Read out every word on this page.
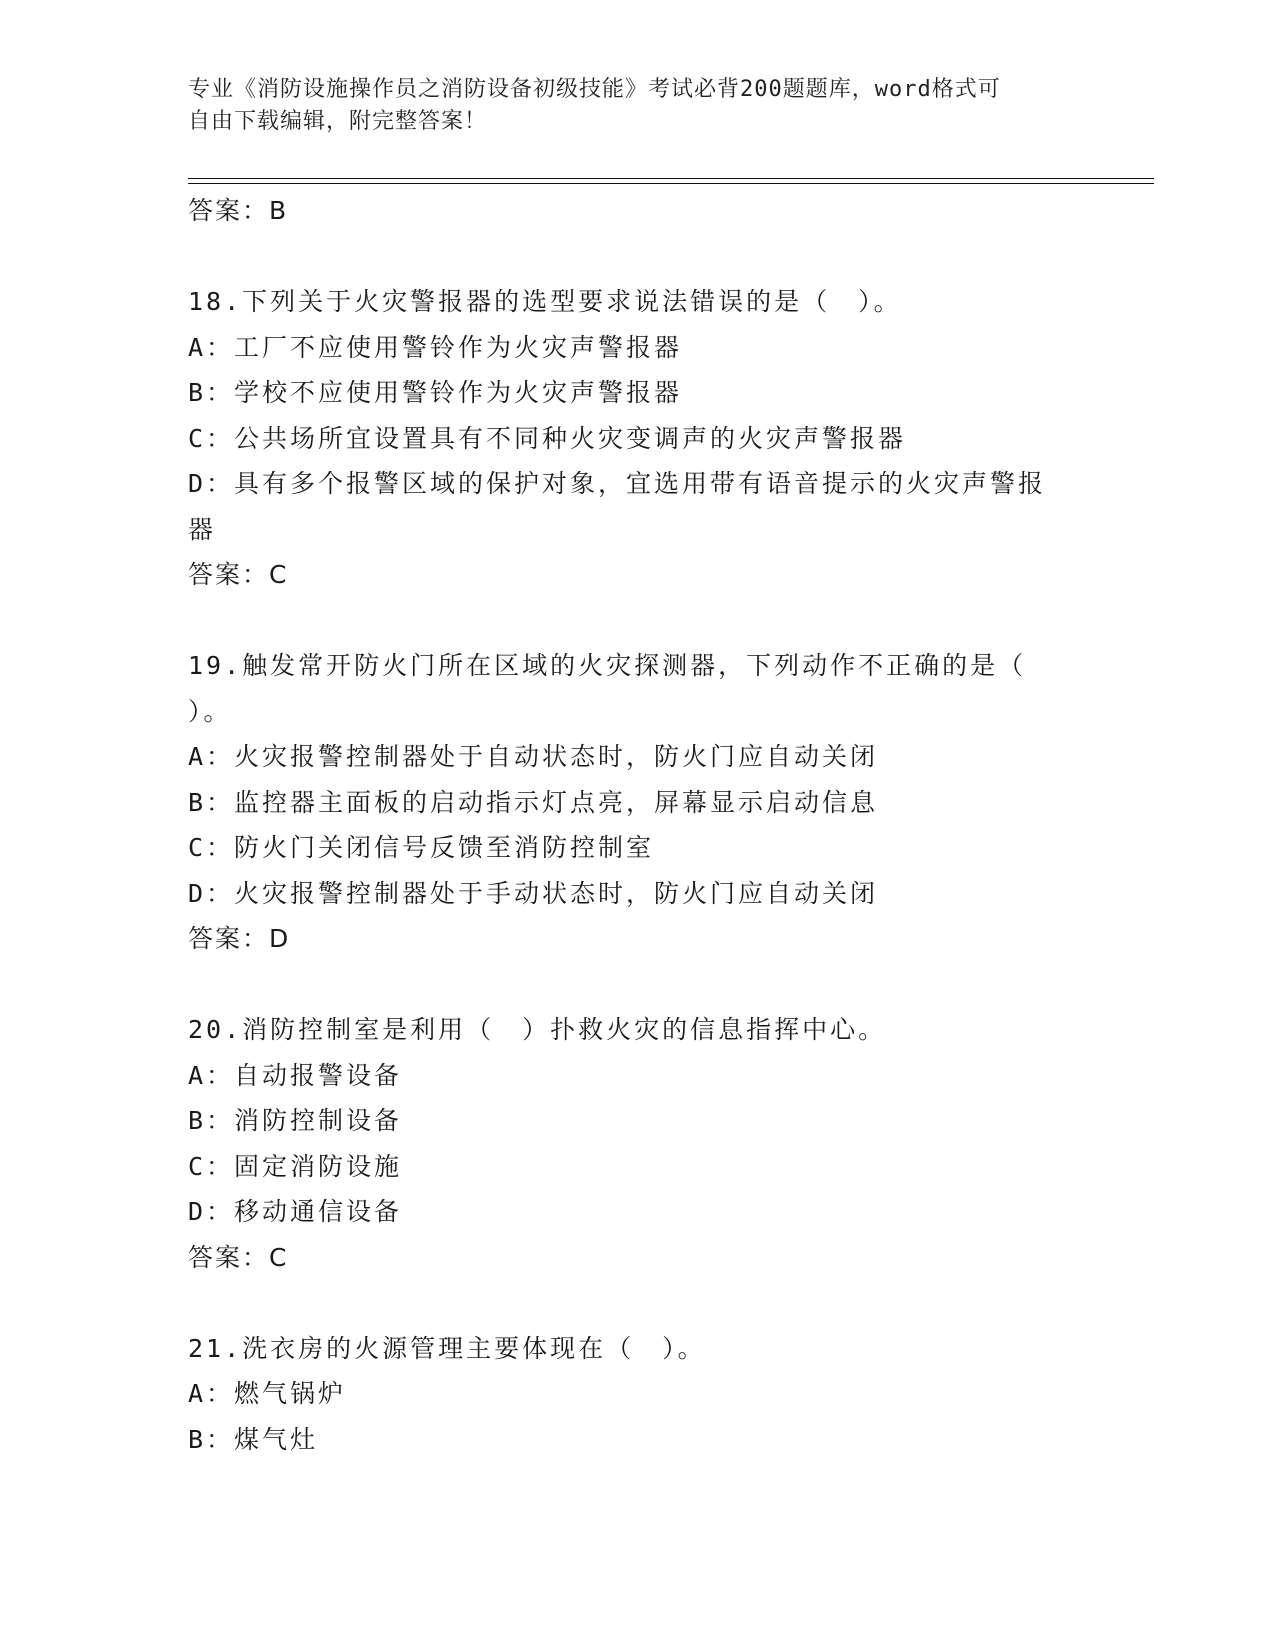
专业《消防设施操作员之消防设备初级技能》考试必背200题题库，word格式可
自由下载编辑，附完整答案！
答案：B
18.下列关于火灾警报器的选型要求说法错误的是（　）。
A：工厂不应使用警铃作为火灾声警报器
B：学校不应使用警铃作为火灾声警报器
C：公共场所宜设置具有不同种火灾变调声的火灾声警报器
D：具有多个报警区域的保护对象，宜选用带有语音提示的火灾声警报
器
答案：C
19.触发常开防火门所在区域的火灾探测器，下列动作不正确的是（
）。
A：火灾报警控制器处于自动状态时，防火门应自动关闭
B：监控器主面板的启动指示灯点亮，屏幕显示启动信息
C：防火门关闭信号反馈至消防控制室
D：火灾报警控制器处于手动状态时，防火门应自动关闭
答案：D
20.消防控制室是利用（　）扑救火灾的信息指挥中心。
A：自动报警设备
B：消防控制设备
C：固定消防设施
D：移动通信设备
答案：C
21.洗衣房的火源管理主要体现在（　）。
A：燃气锅炉
B：煤气灶
